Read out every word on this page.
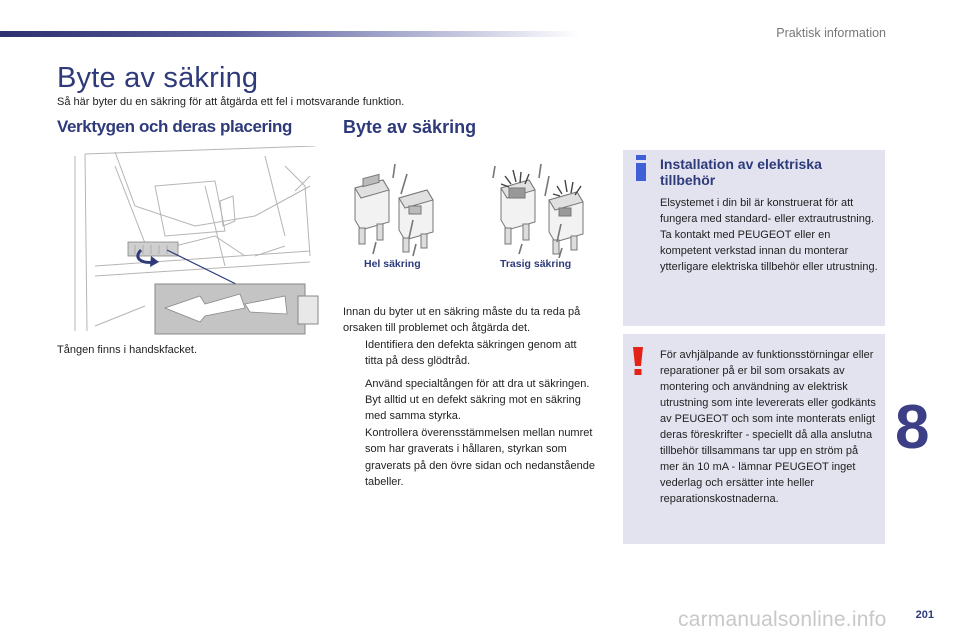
Praktisk information
Byte av säkring
Så här byter du en säkring för att åtgärda ett fel i motsvarande funktion.
Verktygen och deras placering	Byte av säkring
Tången finns i handskfacket.
Hel säkring	Trasig säkring

Innan du byter ut en säkring måste du ta reda på orsaken till problemet och åtgärda det.

Identifiera den defekta säkringen genom att titta på dess glödtråd.
Använd specialtången för att dra ut säkringen.
Byt alltid ut en defekt säkring mot en säkring med samma styrka.
Kontrollera överensstämmelsen mellan numret som har graverats i hållaren, styrkan som graverats på den övre sidan och nedanstående tabeller.
Installation av elektriska tillbehör
Elsystemet i din bil är konstruerat för att fungera med standard- eller extrautrustning. Ta kontakt med PEUGEOT eller en kompetent verkstad innan du monterar ytterligare elektriska tillbehör eller utrustning.
För avhjälpande av funktionsstörningar eller reparationer på er bil som orsakats av montering och användning av elektrisk utrustning som inte levererats eller godkänts av PEUGEOT och som inte monterats enligt deras föreskrifter - speciellt då alla anslutna tillbehör tillsammans tar upp en ström på mer än 10 mA - lämnar PEUGEOT inget vederlag och ersätter inte heller reparationskostnaderna.
8
201
carmanualsonline.info
